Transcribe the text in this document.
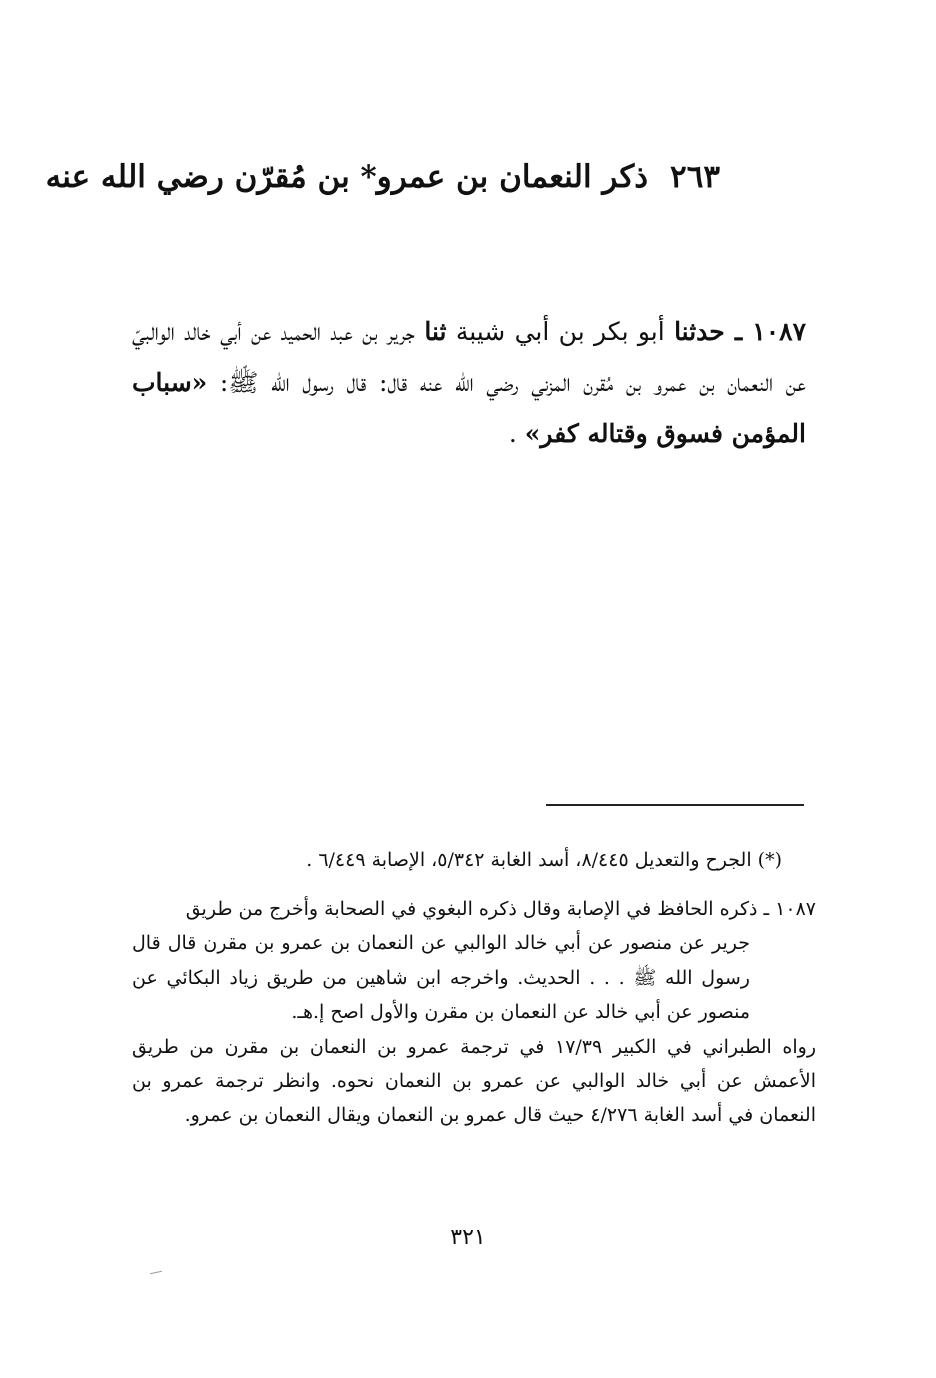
٢٦٣ذكر النعمان بن عمرو* بن مُقرّن رضي الله عنه
١٠٨٧ ـ حدثنا أبو بكر بن أبي شيبة ثنا جرير بن عبد الحميد عن أبي خالد الوالبيّ عن النعمان بن عمرو بن مُقرن المزني رضي الله عنه قال: قال رسول الله ﷺ: «سباب المؤمن فسوق وقتاله كفر» .
(*) الجرح والتعديل ٨/٤٤٥، أسد الغابة ٥/٣٤٢، الإصابة ٦/٤٤٩ .
١٠٨٧ ـ ذكره الحافظ في الإصابة وقال ذكره البغوي في الصحابة وأخرج من طريق
جرير عن منصور عن أبي خالد الوالبي عن النعمان بن عمرو بن مقرن قال قال رسول الله ﷺ . . . الحديث. واخرجه ابن شاهين من طريق زياد البكائي عن منصور عن أبي خالد عن النعمان بن مقرن والأول اصح إ.هـ.
رواه الطبراني في الكبير ١٧/٣٩ في ترجمة عمرو بن النعمان بن مقرن من طريق الأعمش عن أبي خالد الوالبي عن عمرو بن النعمان نحوه. وانظر ترجمة عمرو بن النعمان في أسد الغابة ٤/٢٧٦ حيث قال عمرو بن النعمان ويقال النعمان بن عمرو.
٣٢١
